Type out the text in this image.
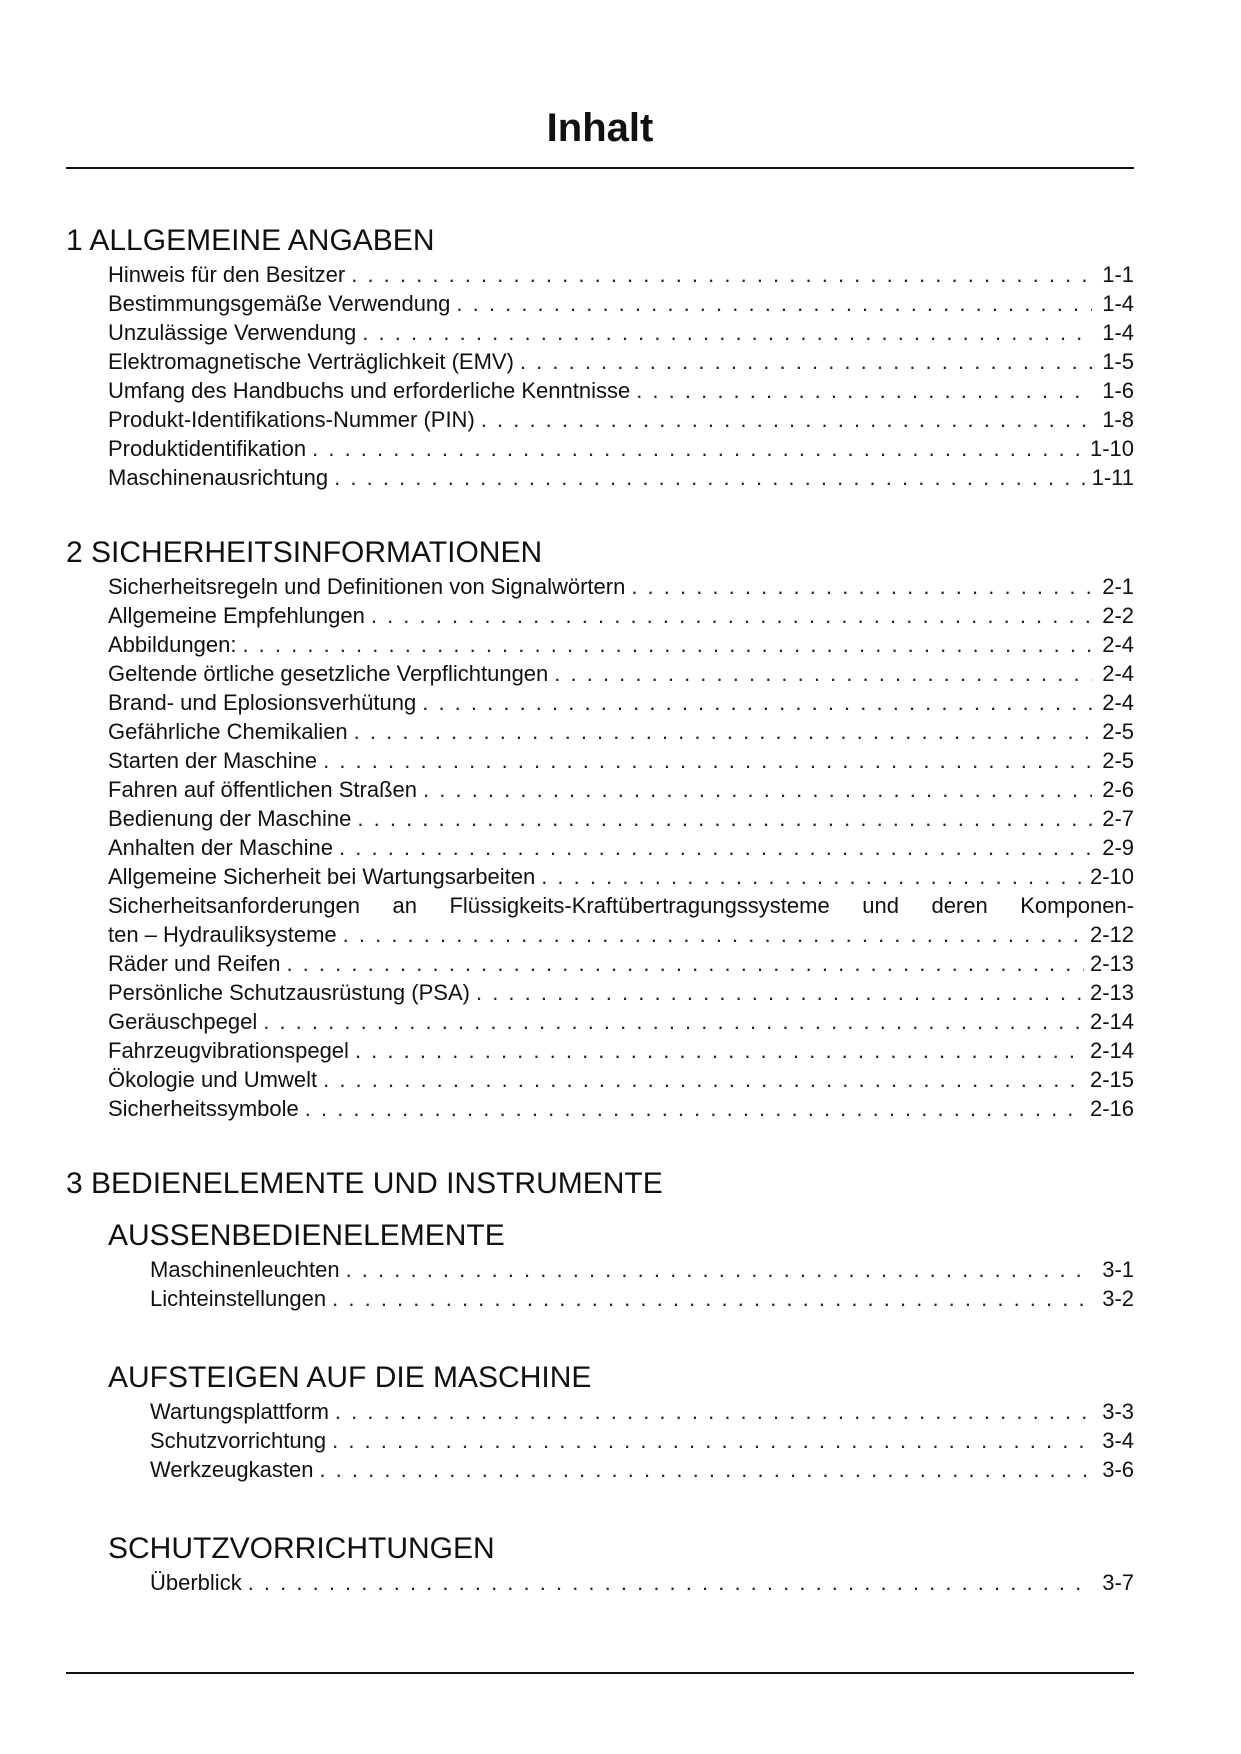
Inhalt
1 ALLGEMEINE ANGABEN
Hinweis für den Besitzer . . .	1-1
Bestimmungsgemäße Verwendung . . .	1-4
Unzulässige Verwendung . . .	1-4
Elektromagnetische Verträglichkeit (EMV) . . .	1-5
Umfang des Handbuchs und erforderliche Kenntnisse . . .	1-6
Produkt-Identifikations-Nummer (PIN) . . .	1-8
Produktidentifikation . . .	1-10
Maschinenausrichtung . . .	1-11
2 SICHERHEITSINFORMATIONEN
Sicherheitsregeln und Definitionen von Signalwörtern . . .	2-1
Allgemeine Empfehlungen . . .	2-2
Abbildungen: . . .	2-4
Geltende örtliche gesetzliche Verpflichtungen . . .	2-4
Brand- und Eplosionsverhütung . . .	2-4
Gefährliche Chemikalien . . .	2-5
Starten der Maschine . . .	2-5
Fahren auf öffentlichen Straßen . . .	2-6
Bedienung der Maschine . . .	2-7
Anhalten der Maschine . . .	2-9
Allgemeine Sicherheit bei Wartungsarbeiten . . .	2-10
Sicherheitsanforderungen an Flüssigkeits-Kraftübertragungssysteme und deren Komponen-
ten – Hydrauliksysteme . . .	2-12
Räder und Reifen . . .	2-13
Persönliche Schutzausrüstung (PSA) . . .	2-13
Geräuschpegel . . .	2-14
Fahrzeugvibrationspegel . . .	2-14
Ökologie und Umwelt . . .	2-15
Sicherheitssymbole . . .	2-16
3 BEDIENELEMENTE UND INSTRUMENTE
AUSSENBEDIENELEMENTE
Maschinenleuchten . . .	3-1
Lichteinstellungen . . .	3-2
AUFSTEIGEN AUF DIE MASCHINE
Wartungsplattform . . .	3-3
Schutzvorrichtung . . .	3-4
Werkzeugkasten . . .	3-6
SCHUTZVORRICHTUNGEN
Überblick . . .	3-7
